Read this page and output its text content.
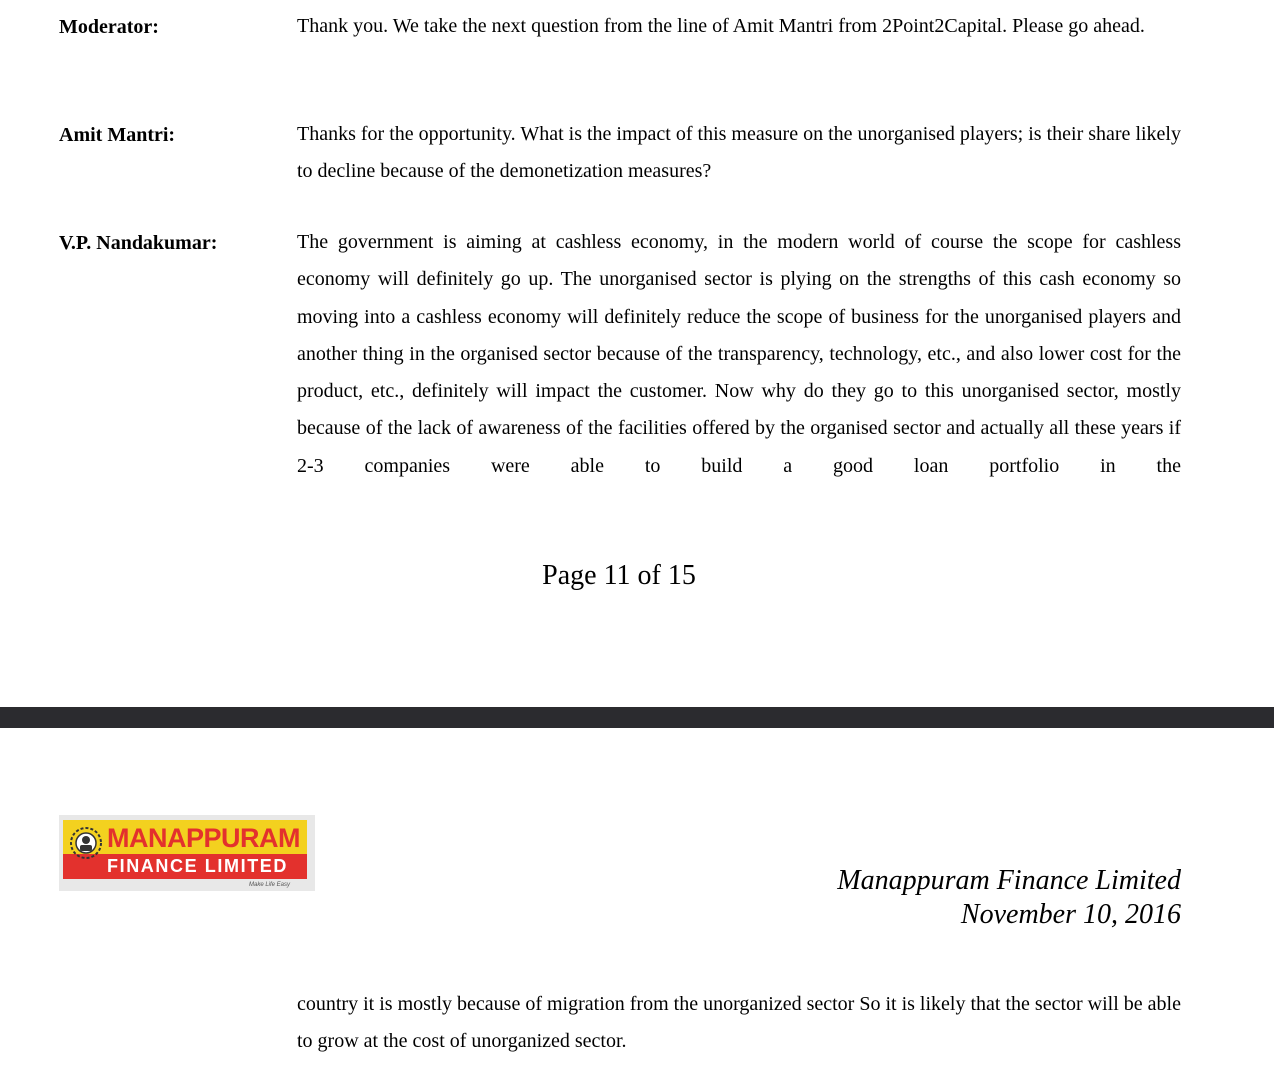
Moderator:	Thank you. We take the next question from the line of Amit Mantri from 2Point2Capital. Please go ahead.

Amit Mantri:	Thanks for the opportunity. What is the impact of this measure on the unorganised players; is their share likely to decline because of the demonetization measures?

V.P. Nandakumar:	The government is aiming at cashless economy, in the modern world of course the scope for cashless economy will definitely go up. The unorganised sector is plying on the strengths of this cash economy so moving into a cashless economy will definitely reduce the scope of business for the unorganised players and another thing in the organised sector because of the transparency, technology, etc., and also lower cost for the product, etc., definitely will impact the customer. Now why do they go to this unorganised sector, mostly because of the lack of awareness of the facilities offered by the organised sector and actually all these years if 2-3 companies were able to build a good loan portfolio in the

Page 11 of 15
MANAPPURAM
FINANCE LIMITED
Make Life Easy	Manappuram Finance Limited
November 10, 2016

country it is mostly because of migration from the unorganized sector So it is likely that the sector will be able to grow at the cost of unorganized sector.
